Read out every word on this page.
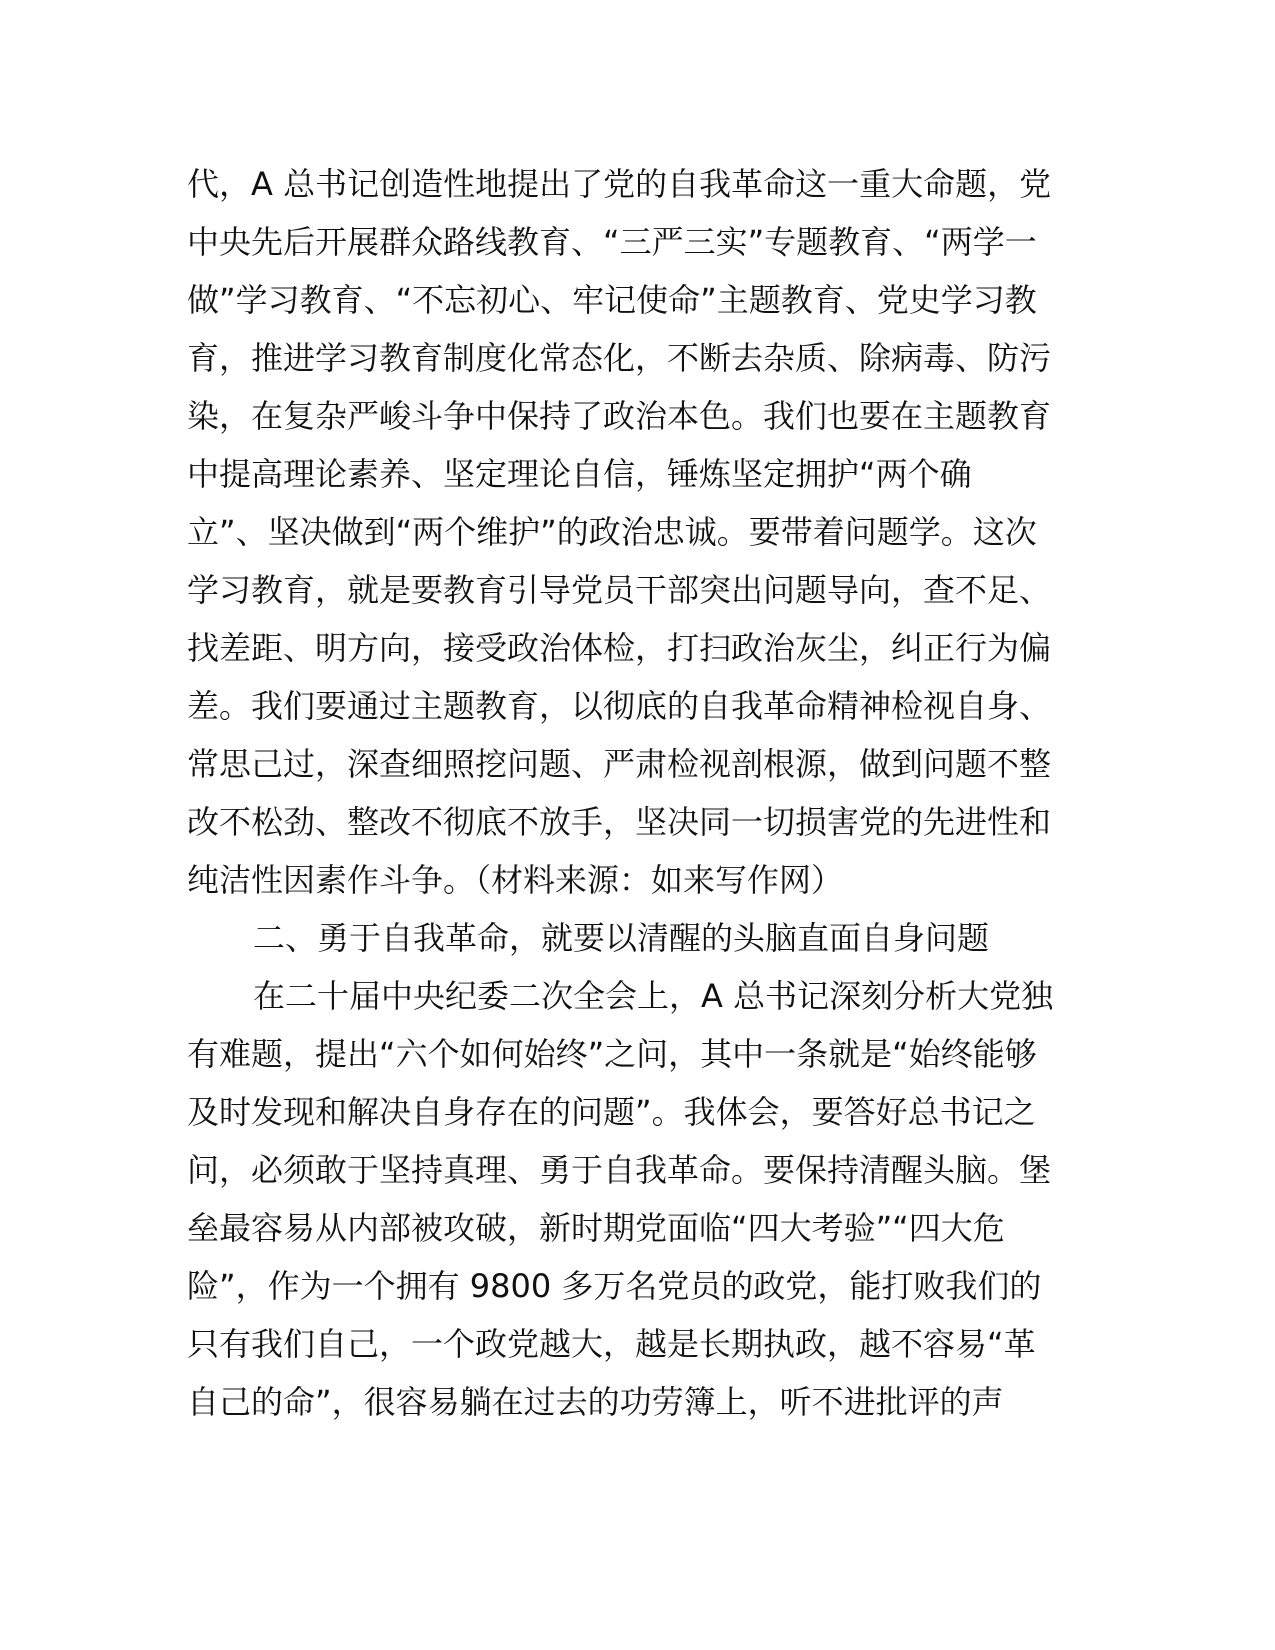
代，A 总书记创造性地提出了党的自我革命这一重大命题，党
中央先后开展群众路线教育、“三严三实”专题教育、“两学一
做”学习教育、“不忘初心、牢记使命”主题教育、党史学习教
育，推进学习教育制度化常态化，不断去杂质、除病毒、防污
染，在复杂严峻斗争中保持了政治本色。我们也要在主题教育
中提高理论素养、坚定理论自信，锤炼坚定拥护“两个确
立”、坚决做到“两个维护”的政治忠诚。要带着问题学。这次
学习教育，就是要教育引导党员干部突出问题导向，查不足、
找差距、明方向，接受政治体检，打扫政治灰尘，纠正行为偏
差。我们要通过主题教育，以彻底的自我革命精神检视自身、
常思己过，深查细照挖问题、严肃检视剖根源，做到问题不整
改不松劲、整改不彻底不放手，坚决同一切损害党的先进性和
纯洁性因素作斗争。（材料来源：如来写作网）
二、勇于自我革命，就要以清醒的头脑直面自身问题
在二十届中央纪委二次全会上，A 总书记深刻分析大党独
有难题，提出“六个如何始终”之问，其中一条就是“始终能够
及时发现和解决自身存在的问题”。我体会，要答好总书记之
问，必须敢于坚持真理、勇于自我革命。要保持清醒头脑。堡
垒最容易从内部被攻破，新时期党面临“四大考验”“四大危
险”，作为一个拥有 9800 多万名党员的政党，能打败我们的
只有我们自己，一个政党越大，越是长期执政，越不容易“革
自己的命”，很容易躺在过去的功劳簿上，听不进批评的声
